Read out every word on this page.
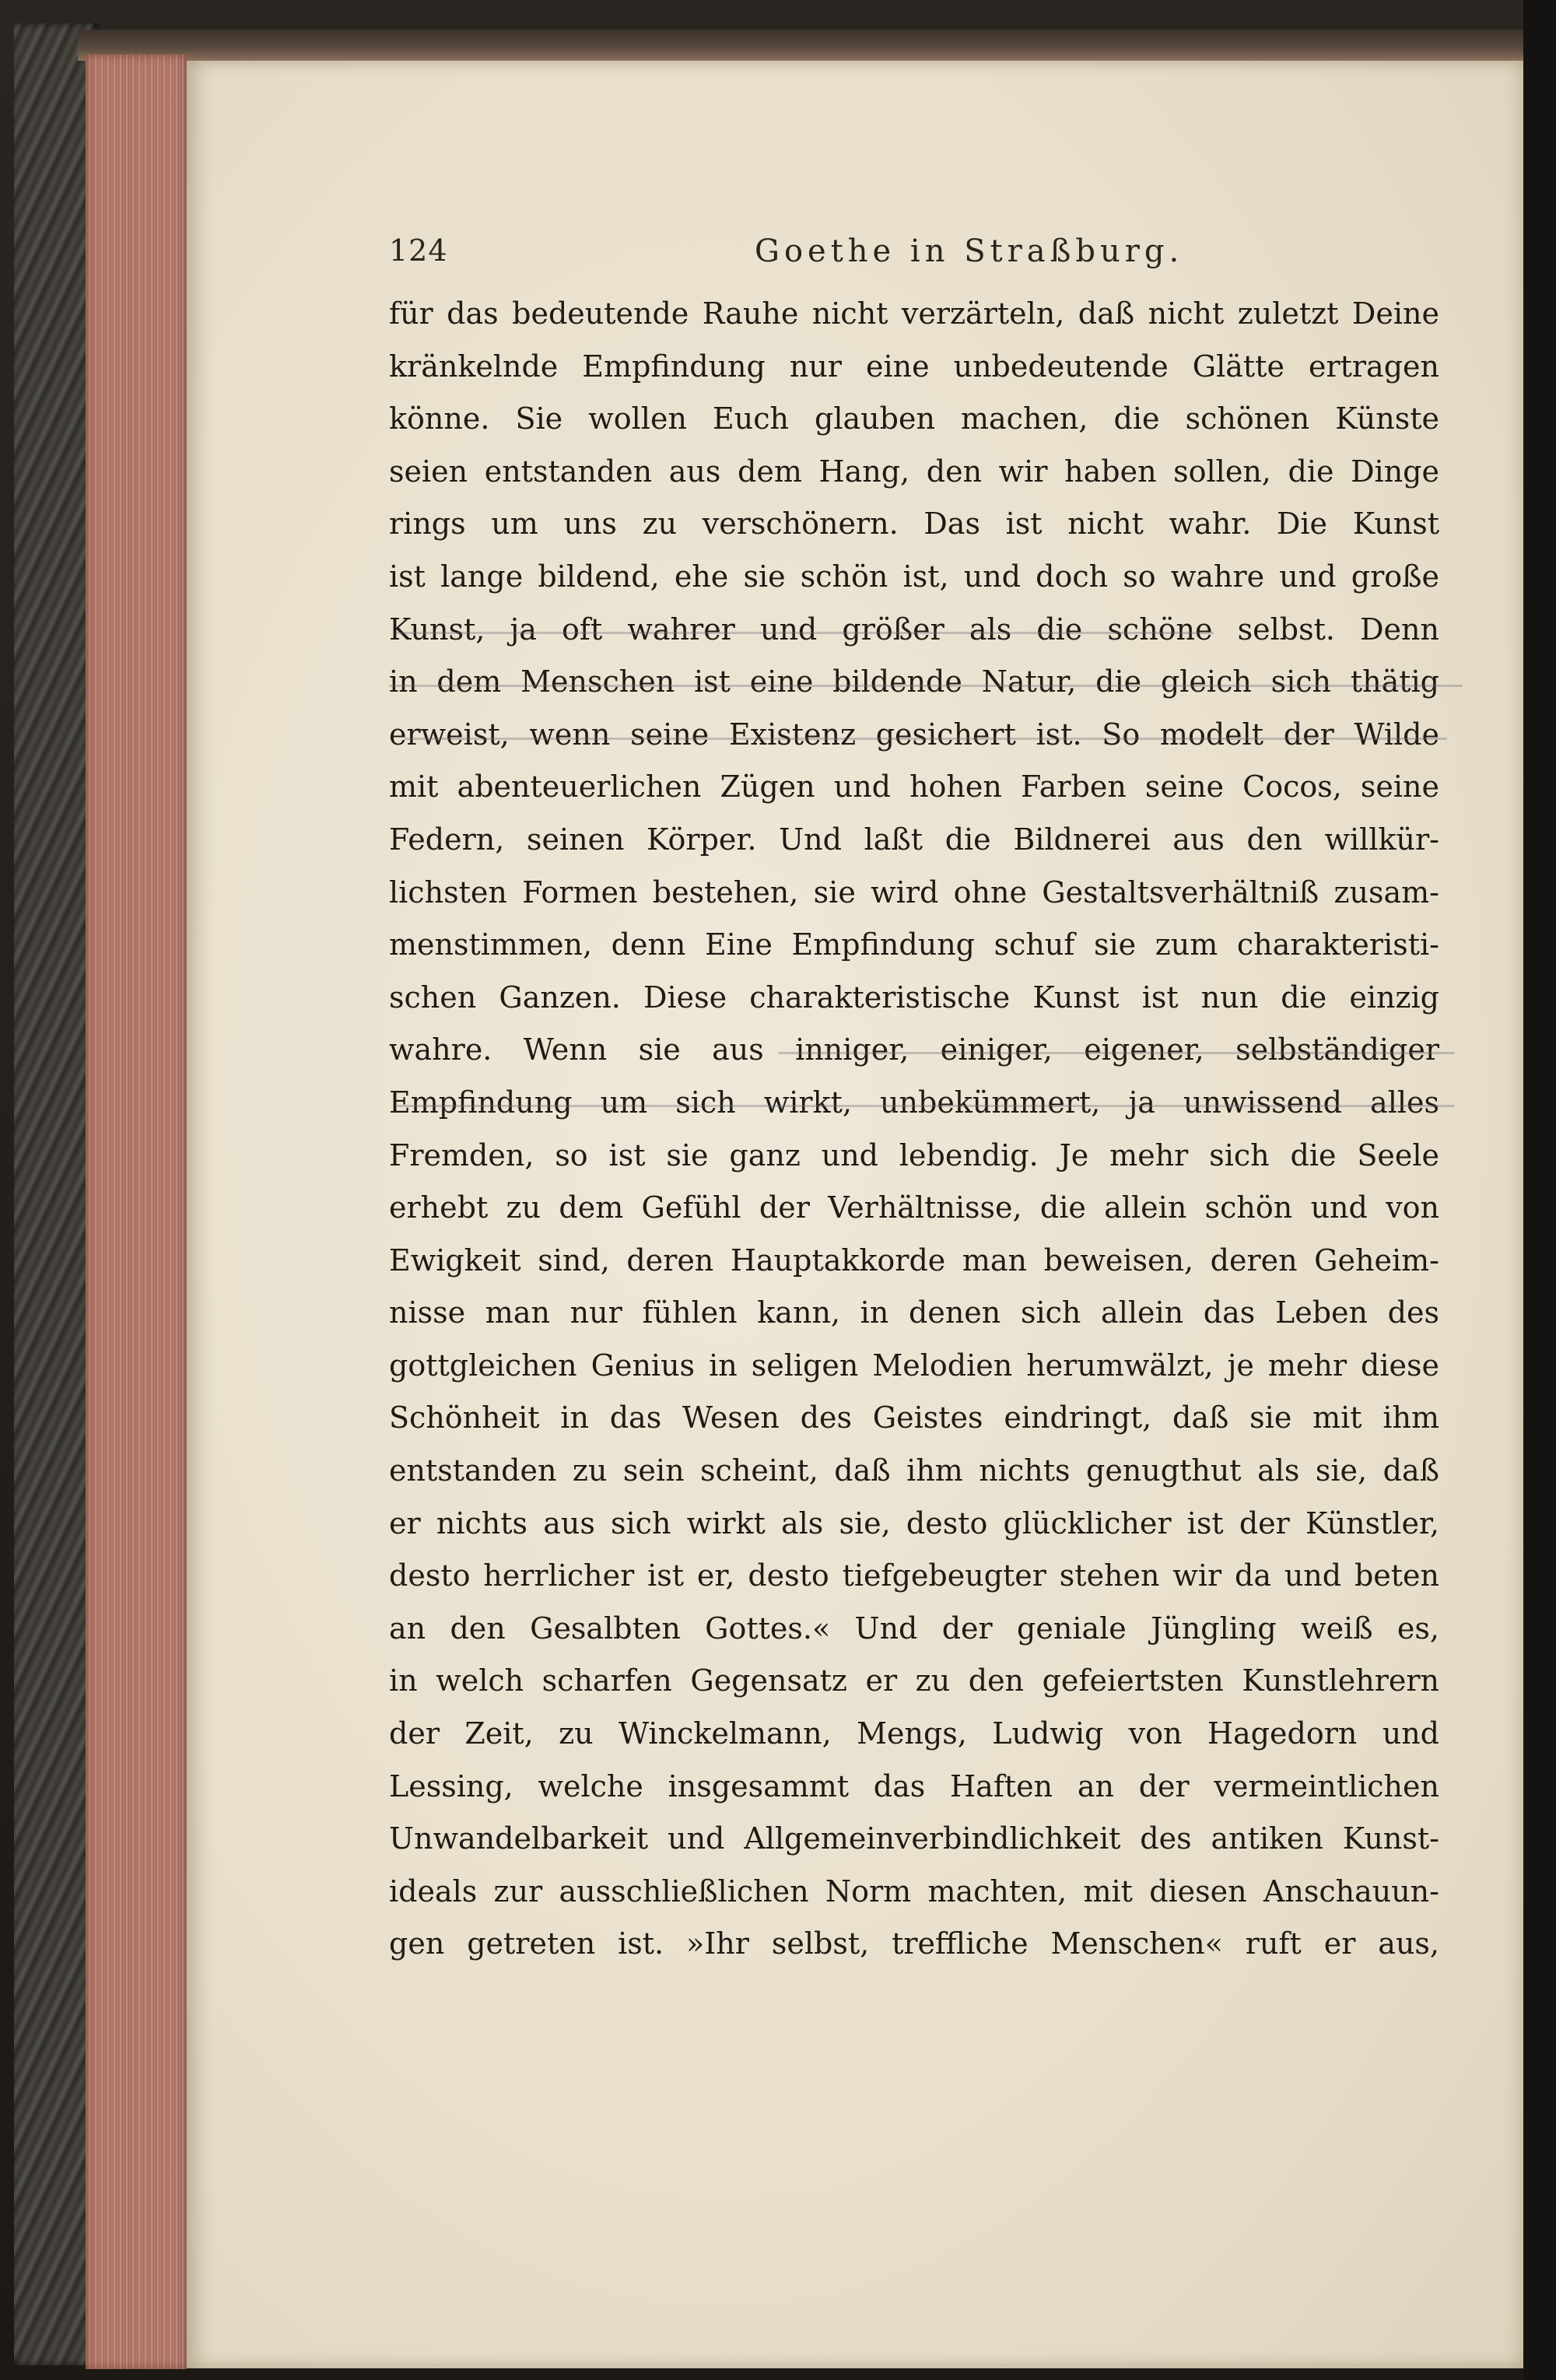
124	Goethe in Straßburg.
für das bedeutende Rauhe nicht verzärteln, daß nicht zuletzt Deine
kränkelnde Empfindung nur eine unbedeutende Glätte ertragen
könne. Sie wollen Euch glauben machen, die schönen Künste
seien entstanden aus dem Hang, den wir haben sollen, die Dinge
rings um uns zu verschönern. Das ist nicht wahr. Die Kunst
ist lange bildend, ehe sie schön ist, und doch so wahre und große
Kunst, ja oft wahrer und größer als die schöne selbst. Denn
in dem Menschen ist eine bildende Natur, die gleich sich thätig
erweist, wenn seine Existenz gesichert ist. So modelt der Wilde
mit abenteuerlichen Zügen und hohen Farben seine Cocos, seine
Federn, seinen Körper. Und laßt die Bildnerei aus den willkür-
lichsten Formen bestehen, sie wird ohne Gestaltsverhältniß zusam-
menstimmen, denn Eine Empfindung schuf sie zum charakteristi-
schen Ganzen. Diese charakteristische Kunst ist nun die einzig
wahre. Wenn sie aus inniger, einiger, eigener, selbständiger
Empfindung um sich wirkt, unbekümmert, ja unwissend alles
Fremden, so ist sie ganz und lebendig. Je mehr sich die Seele
erhebt zu dem Gefühl der Verhältnisse, die allein schön und von
Ewigkeit sind, deren Hauptakkorde man beweisen, deren Geheim-
nisse man nur fühlen kann, in denen sich allein das Leben des
gottgleichen Genius in seligen Melodien herumwälzt, je mehr diese
Schönheit in das Wesen des Geistes eindringt, daß sie mit ihm
entstanden zu sein scheint, daß ihm nichts genugthut als sie, daß
er nichts aus sich wirkt als sie, desto glücklicher ist der Künstler,
desto herrlicher ist er, desto tiefgebeugter stehen wir da und beten
an den Gesalbten Gottes.« Und der geniale Jüngling weiß es,
in welch scharfen Gegensatz er zu den gefeiertsten Kunstlehrern
der Zeit, zu Winckelmann, Mengs, Ludwig von Hagedorn und
Lessing, welche insgesammt das Haften an der vermeintlichen
Unwandelbarkeit und Allgemeinverbindlichkeit des antiken Kunst-
ideals zur ausschließlichen Norm machten, mit diesen Anschauun-
gen getreten ist. »Ihr selbst, treffliche Menschen« ruft er aus,
